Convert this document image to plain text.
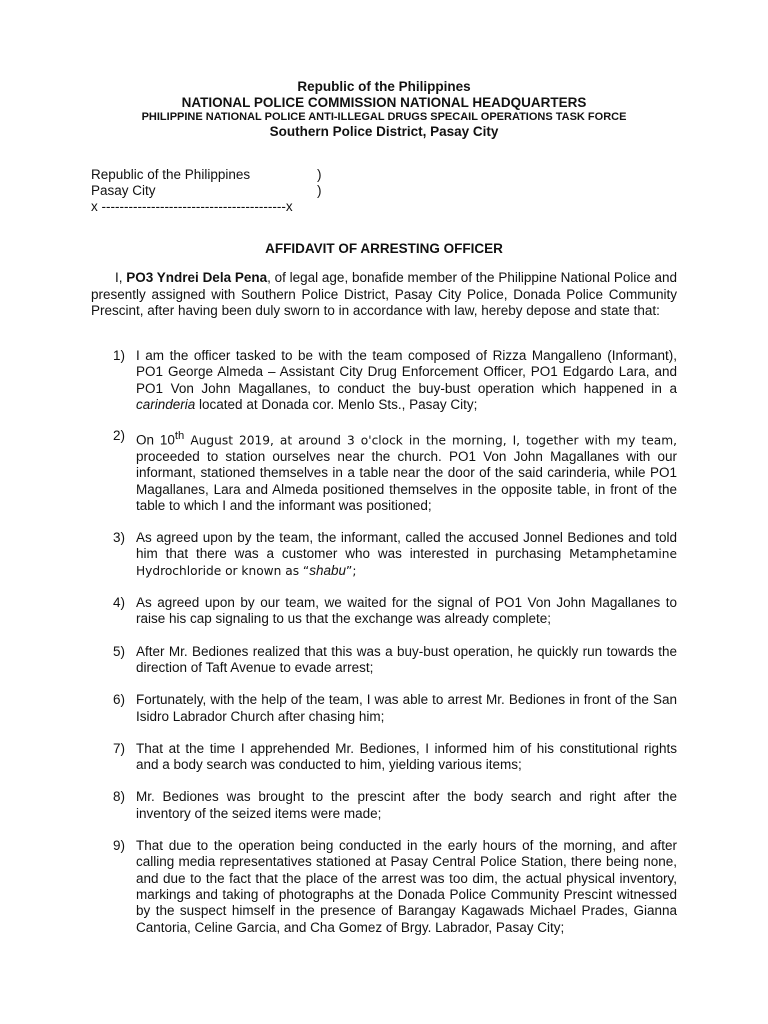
Republic of the Philippines
NATIONAL POLICE COMMISSION NATIONAL HEADQUARTERS
PHILIPPINE NATIONAL POLICE ANTI-ILLEGAL DRUGS SPECAIL OPERATIONS TASK FORCE
Southern Police District, Pasay City
Republic of the Philippines	)
Pasay City	)
x -----------------------------------------x
AFFIDAVIT OF ARRESTING OFFICER
I, PO3 Yndrei Dela Pena, of legal age, bonafide member of the Philippine National Police and presently assigned with Southern Police District, Pasay City Police, Donada Police Community Prescint, after having been duly sworn to in accordance with law, hereby depose and state that:
1) I am the officer tasked to be with the team composed of Rizza Mangalleno (Informant), PO1 George Almeda – Assistant City Drug Enforcement Officer, PO1 Edgardo Lara, and PO1 Von John Magallanes, to conduct the buy-bust operation which happened in a carinderia located at Donada cor. Menlo Sts., Pasay City;
2) On 10th August 2019, at around 3 o'clock in the morning, I, together with my team, proceeded to station ourselves near the church. PO1 Von John Magallanes with our informant, stationed themselves in a table near the door of the said carinderia, while PO1 Magallanes, Lara and Almeda positioned themselves in the opposite table, in front of the table to which I and the informant was positioned;
3) As agreed upon by the team, the informant, called the accused Jonnel Bediones and told him that there was a customer who was interested in purchasing Metamphetamine Hydrochloride or known as “shabu”;
4) As agreed upon by our team, we waited for the signal of PO1 Von John Magallanes to raise his cap signaling to us that the exchange was already complete;
5) After Mr. Bediones realized that this was a buy-bust operation, he quickly run towards the direction of Taft Avenue to evade arrest;
6) Fortunately, with the help of the team, I was able to arrest Mr. Bediones in front of the San Isidro Labrador Church after chasing him;
7) That at the time I apprehended Mr. Bediones, I informed him of his constitutional rights and a body search was conducted to him, yielding various items;
8) Mr. Bediones was brought to the prescint after the body search and right after the inventory of the seized items were made;
9) That due to the operation being conducted in the early hours of the morning, and after calling media representatives stationed at Pasay Central Police Station, there being none, and due to the fact that the place of the arrest was too dim, the actual physical inventory, markings and taking of photographs at the Donada Police Community Prescint witnessed by the suspect himself in the presence of Barangay Kagawads Michael Prades, Gianna Cantoria, Celine Garcia, and Cha Gomez of Brgy. Labrador, Pasay City;
